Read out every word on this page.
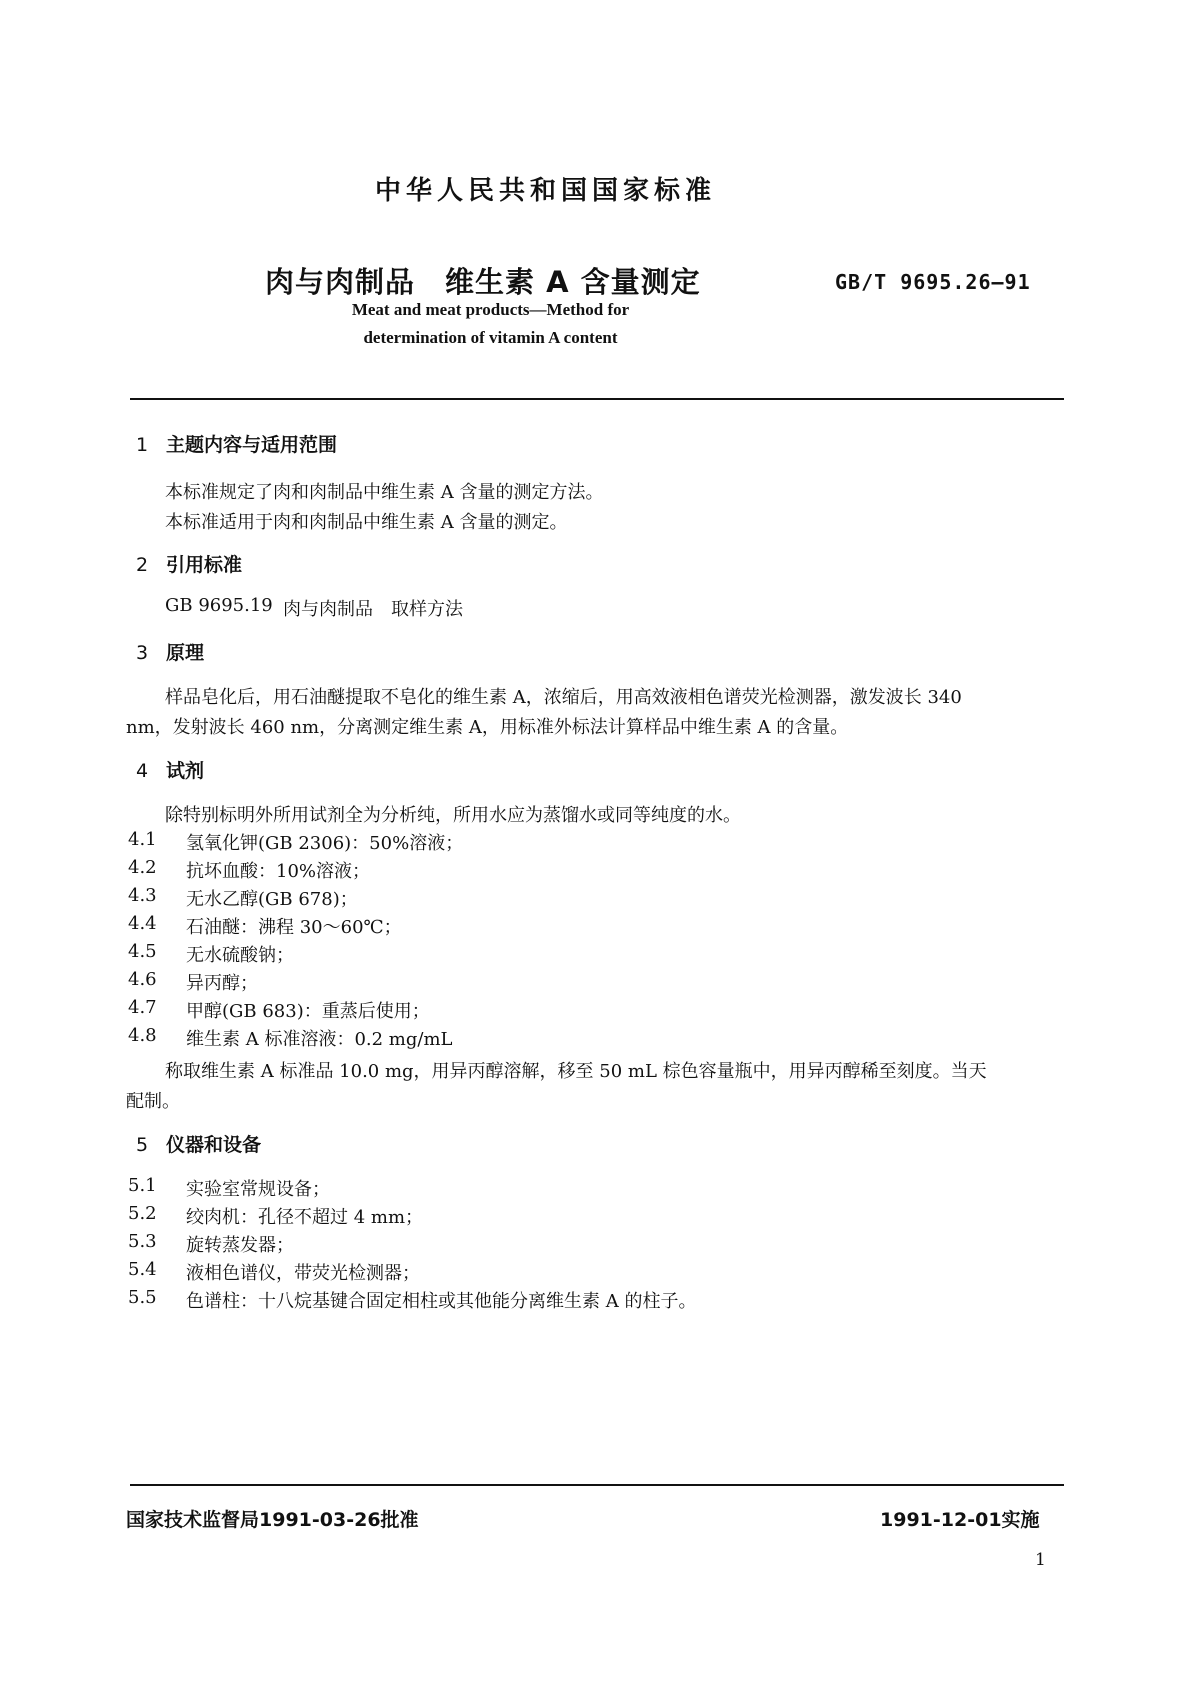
中华人民共和国国家标准
肉与肉制品　维生素 A 含量测定	GB/T 9695.26—91
Meat and meat products—Method for
determination of vitamin A content
1 主题内容与适用范围
本标准规定了肉和肉制品中维生素 A 含量的测定方法。
本标准适用于肉和肉制品中维生素 A 含量的测定。
2 引用标准
GB 9695.19 肉与肉制品　取样方法
3 原理
样品皂化后，用石油醚提取不皂化的维生素 A，浓缩后，用高效液相色谱荧光检测器，激发波长 340
nm，发射波长 460 nm，分离测定维生素 A，用标准外标法计算样品中维生素 A 的含量。
4 试剂
除特别标明外所用试剂全为分析纯，所用水应为蒸馏水或同等纯度的水。
4.1 氢氧化钾(GB 2306)：50%溶液；
4.2 抗坏血酸：10%溶液；
4.3 无水乙醇(GB 678)；
4.4 石油醚：沸程 30～60℃；
4.5 无水硫酸钠；
4.6 异丙醇；
4.7 甲醇(GB 683)：重蒸后使用；
4.8 维生素 A 标准溶液：0.2 mg/mL
称取维生素 A 标准品 10.0 mg，用异丙醇溶解，移至 50 mL 棕色容量瓶中，用异丙醇稀至刻度。当天
配制。
5 仪器和设备
5.1 实验室常规设备；
5.2 绞肉机：孔径不超过 4 mm；
5.3 旋转蒸发器；
5.4 液相色谱仪，带荧光检测器；
5.5 色谱柱：十八烷基键合固定相柱或其他能分离维生素 A 的柱子。
国家技术监督局1991-03-26批准	1991-12-01实施
1
